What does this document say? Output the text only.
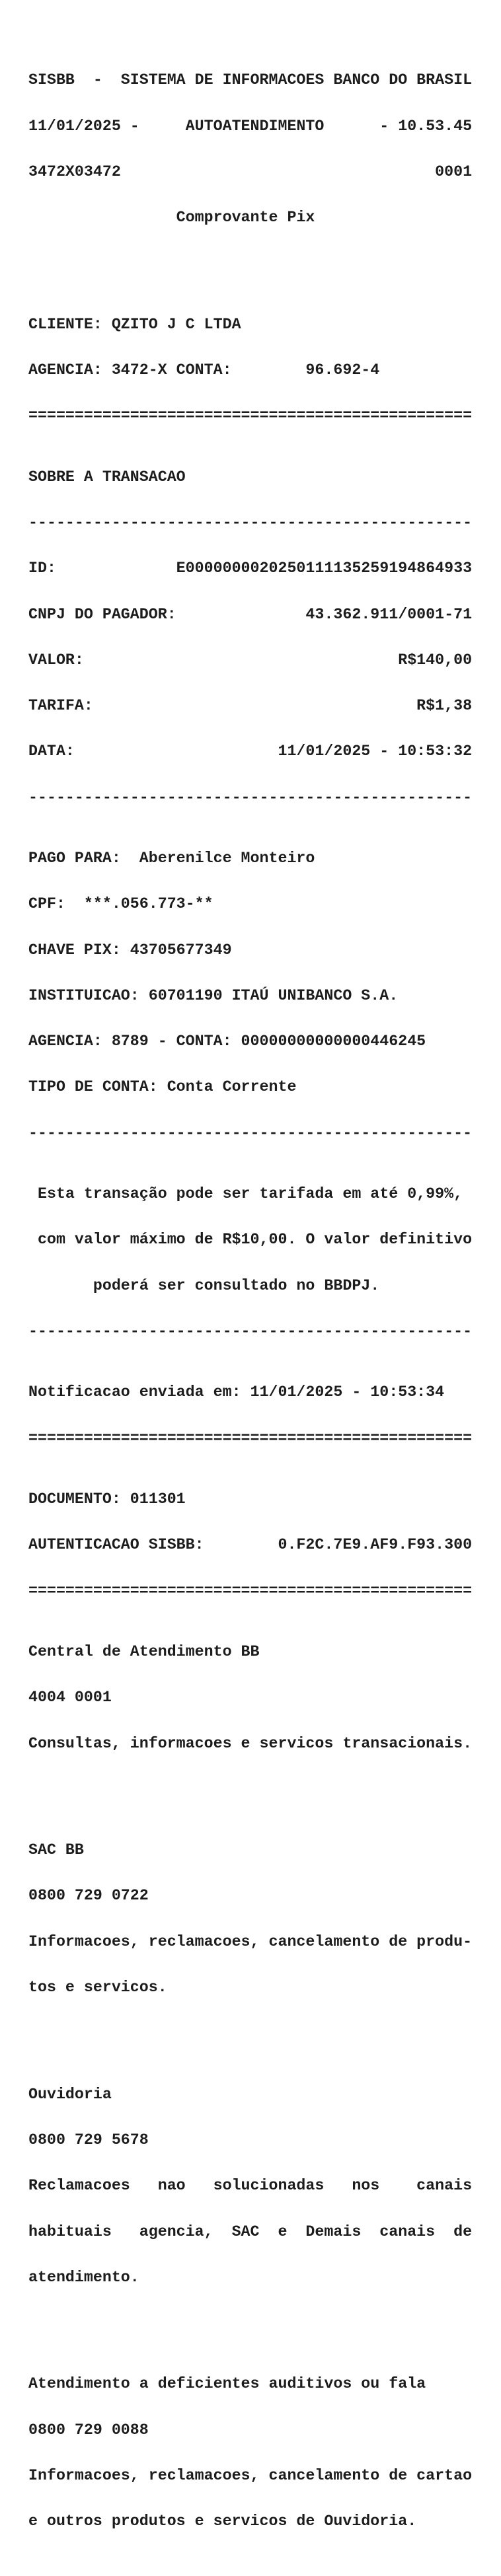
SISBB  -  SISTEMA DE INFORMACOES BANCO DO BRASIL

11/01/2025 -     AUTOATENDIMENTO      - 10.53.45

3472X03472                                  0001

Comprovante Pix

CLIENTE: QZITO J C LTDA

AGENCIA: 3472-X CONTA:        96.692-4

================================================

SOBRE A TRANSACAO

------------------------------------------------

ID:             E0000000020250111135259194864933

CNPJ DO PAGADOR:              43.362.911/0001-71

VALOR:                                  R$140,00

TARIFA:                                   R$1,38

DATA:                      11/01/2025 - 10:53:32

------------------------------------------------

PAGO PARA:  Aberenilce Monteiro

CPF:  ***.056.773-**

CHAVE PIX: 43705677349

INSTITUICAO: 60701190 ITAÚ UNIBANCO S.A.

AGENCIA: 8789 - CONTA: 00000000000000446245

TIPO DE CONTA: Conta Corrente

------------------------------------------------

Esta transação pode ser tarifada em até 0,99%,

com valor máximo de R$10,00. O valor definitivo

poderá ser consultado no BBDPJ.

------------------------------------------------

Notificacao enviada em: 11/01/2025 - 10:53:34

================================================

DOCUMENTO: 011301

AUTENTICACAO SISBB:        0.F2C.7E9.AF9.F93.300

================================================

Central de Atendimento BB

4004 0001

Consultas, informacoes e servicos transacionais.

SAC BB

0800 729 0722

Informacoes, reclamacoes, cancelamento de produ-

tos e servicos.

Ouvidoria

0800 729 5678

Reclamacoes   nao   solucionadas   nos    canais

habituais   agencia,  SAC  e  Demais  canais  de

atendimento.

Atendimento a deficientes auditivos ou fala

0800 729 0088

Informacoes, reclamacoes, cancelamento de cartao

e outros produtos e servicos de Ouvidoria.
